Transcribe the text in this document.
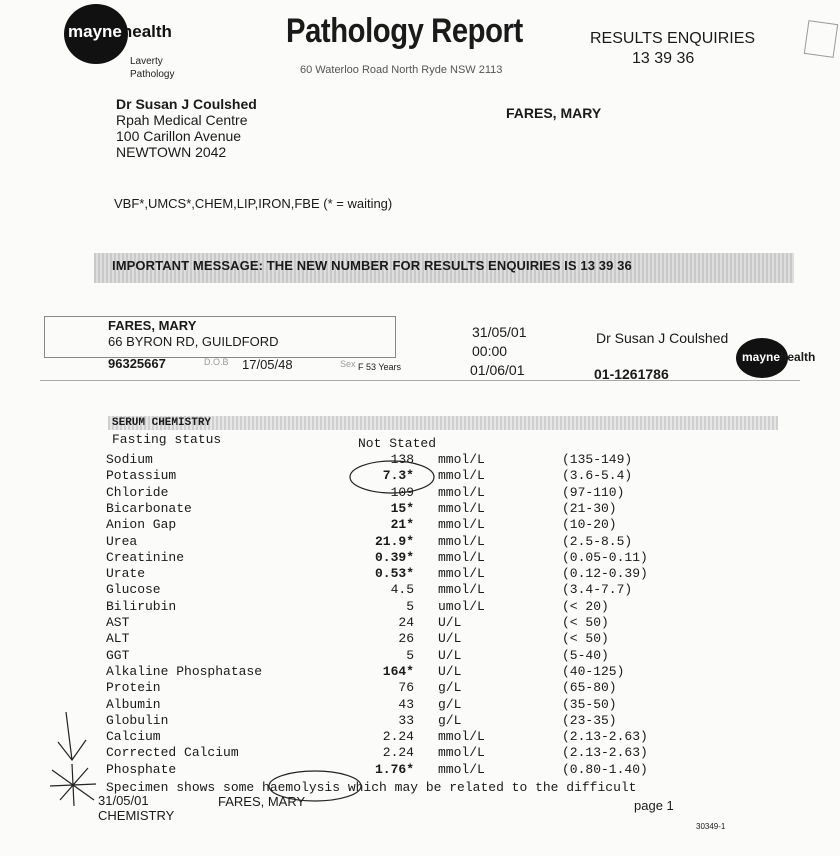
maynehealth
Laverty
Pathology
Pathology Report
60 Waterloo Road North Ryde NSW 2113
RESULTS ENQUIRIES
13 39 36
Dr Susan J Coulshed
Rpah Medical Centre
100 Carillon Avenue
NEWTOWN 2042
FARES, MARY
VBF*,UMCS*,CHEM,LIP,IRON,FBE (* = waiting)
IMPORTANT MESSAGE: THE NEW NUMBER FOR RESULTS ENQUIRIES IS 13 39 36
FARES, MARY
66 BYRON RD, GUILDFORD
96325667	D.O.B 17/05/48	Sex F 53 Years
31/05/01
00:00
01/06/01
Dr Susan J Coulshed
01-1261786
maynehealth
SERUM CHEMISTRY
Fasting status	Not Stated
Sodium	138 mmol/L	(135-149)
Potassium	7.3* mmol/L	(3.6-5.4)
Chloride	109 mmol/L	(97-110)
Bicarbonate	15* mmol/L	(21-30)
Anion Gap	21* mmol/L	(10-20)
Urea	21.9* mmol/L	(2.5-8.5)
Creatinine	0.39* mmol/L	(0.05-0.11)
Urate	0.53* mmol/L	(0.12-0.39)
Glucose	4.5 mmol/L	(3.4-7.7)
Bilirubin	5 umol/L	(< 20)
AST	24 U/L	(< 50)
ALT	26 U/L	(< 50)
GGT	5 U/L	(5-40)
Alkaline Phosphatase	164* U/L	(40-125)
Protein	76 g/L	(65-80)
Albumin	43 g/L	(35-50)
Globulin	33 g/L	(23-35)
Calcium	2.24 mmol/L	(2.13-2.63)
Corrected Calcium	2.24 mmol/L	(2.13-2.63)
Phosphate	1.76* mmol/L	(0.80-1.40)
Specimen shows some haemolysis which may be related to the difficult
31/05/01	FARES, MARY
CHEMISTRY
page 1
30349-1
